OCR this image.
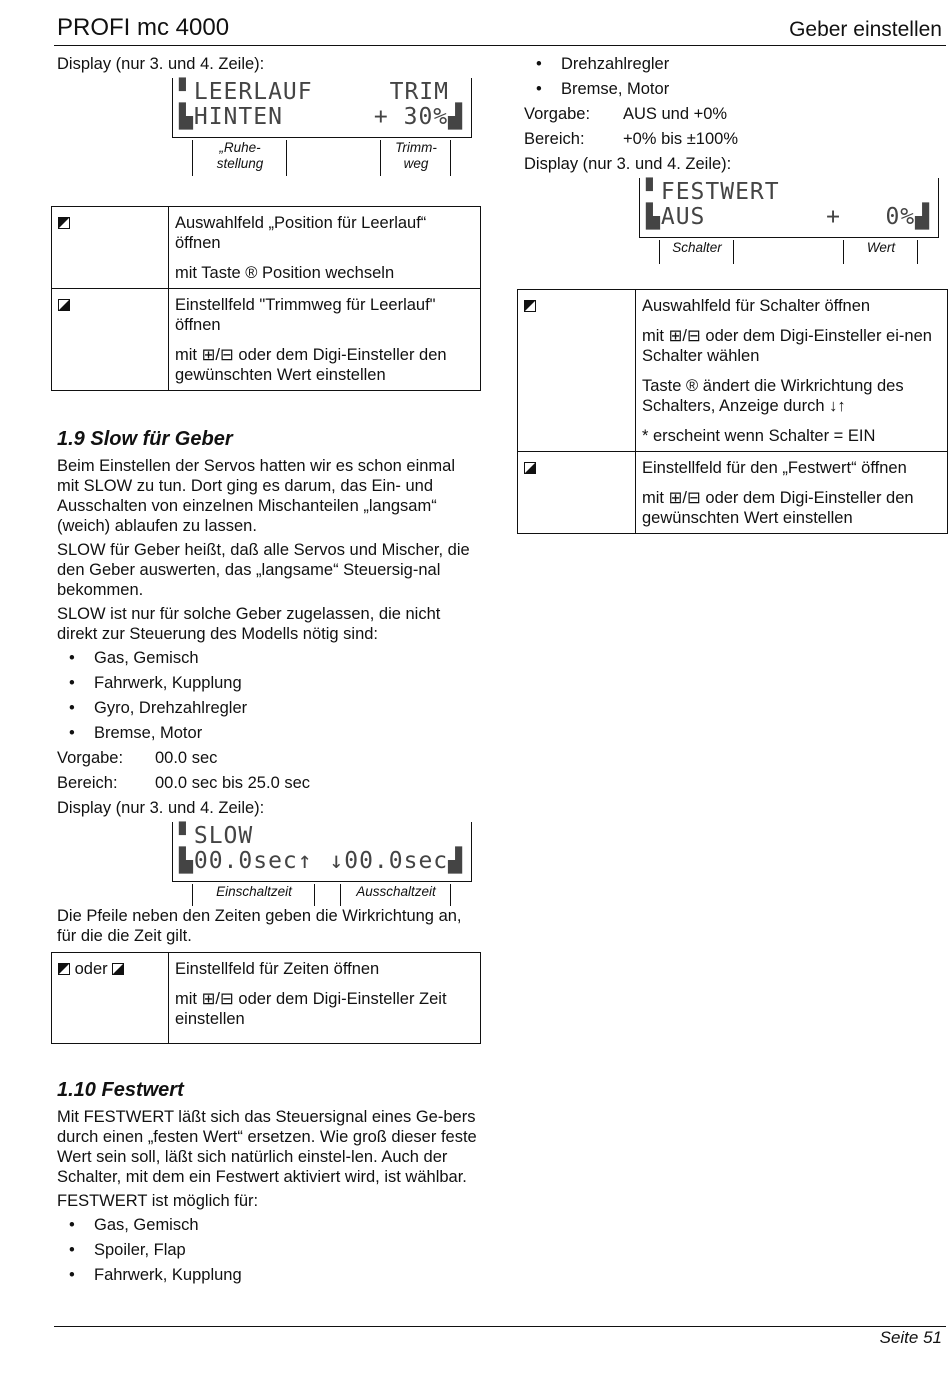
PROFI mc 4000	Geber einstellen

Display (nur 3. und 4. Zeile):

▘LEERLAUF	TRIM
▙HINTEN	+ 30%▟
„Ruhe-
stellung
Trimm-
weg

	Auswahlfeld „Position für Leerlauf“ öffnen

mit Taste ® Position wechseln

	Einstellfeld "Trimmweg für Leerlauf" öffnen

mit ⊞/⊟ oder dem Digi-Einsteller den gewünschten Wert einstellen

1.9 Slow für Geber

Beim Einstellen der Servos hatten wir es schon einmal mit SLOW zu tun. Dort ging es darum, das Ein- und Ausschalten von einzelnen Mischanteilen „langsam“ (weich) ablaufen zu lassen.

SLOW für Geber heißt, daß alle Servos und Mischer, die den Geber auswerten, das „langsame“ Steuersig-nal bekommen.

SLOW ist nur für solche Geber zugelassen, die nicht direkt zur Steuerung des Modells nötig sind:

• Gas, Gemisch
• Fahrwerk, Kupplung
• Gyro, Drehzahlregler
• Bremse, Motor
Vorgabe:	00.0 sec
Bereich:	00.0 sec bis 25.0 sec

Display (nur 3. und 4. Zeile):

▘SLOW
▙00.0sec↑ ↓00.0sec▟
Einschaltzeit	Ausschaltzeit

Die Pfeile neben den Zeiten geben die Wirkrichtung an, für die die Zeit gilt.

oder	Einstellfeld für Zeiten öffnen

mit ⊞/⊟ oder dem Digi-Einsteller Zeit einstellen

1.10 Festwert

Mit FESTWERT läßt sich das Steuersignal eines Ge-bers durch einen „festen Wert“ ersetzen. Wie groß dieser feste Wert sein soll, läßt sich natürlich einstel-len. Auch der Schalter, mit dem ein Festwert aktiviert wird, ist wählbar.

FESTWERT ist möglich für:

• Gas, Gemisch
• Spoiler, Flap
• Fahrwerk, Kupplung
• Drehzahlregler
• Bremse, Motor
Vorgabe:	AUS und +0%
Bereich:	+0% bis ±100%

Display (nur 3. und 4. Zeile):

▘FESTWERT
▙AUS	+   0%▟
Schalter	Wert

	Auswahlfeld für Schalter öffnen

mit ⊞/⊟ oder dem Digi-Einsteller ei-nen Schalter wählen

Taste ® ändert die Wirkrichtung des Schalters, Anzeige durch ↓↑

* erscheint wenn Schalter = EIN

	Einstellfeld für den „Festwert“ öffnen

mit ⊞/⊟ oder dem Digi-Einsteller den gewünschten Wert einstellen

Seite 51
